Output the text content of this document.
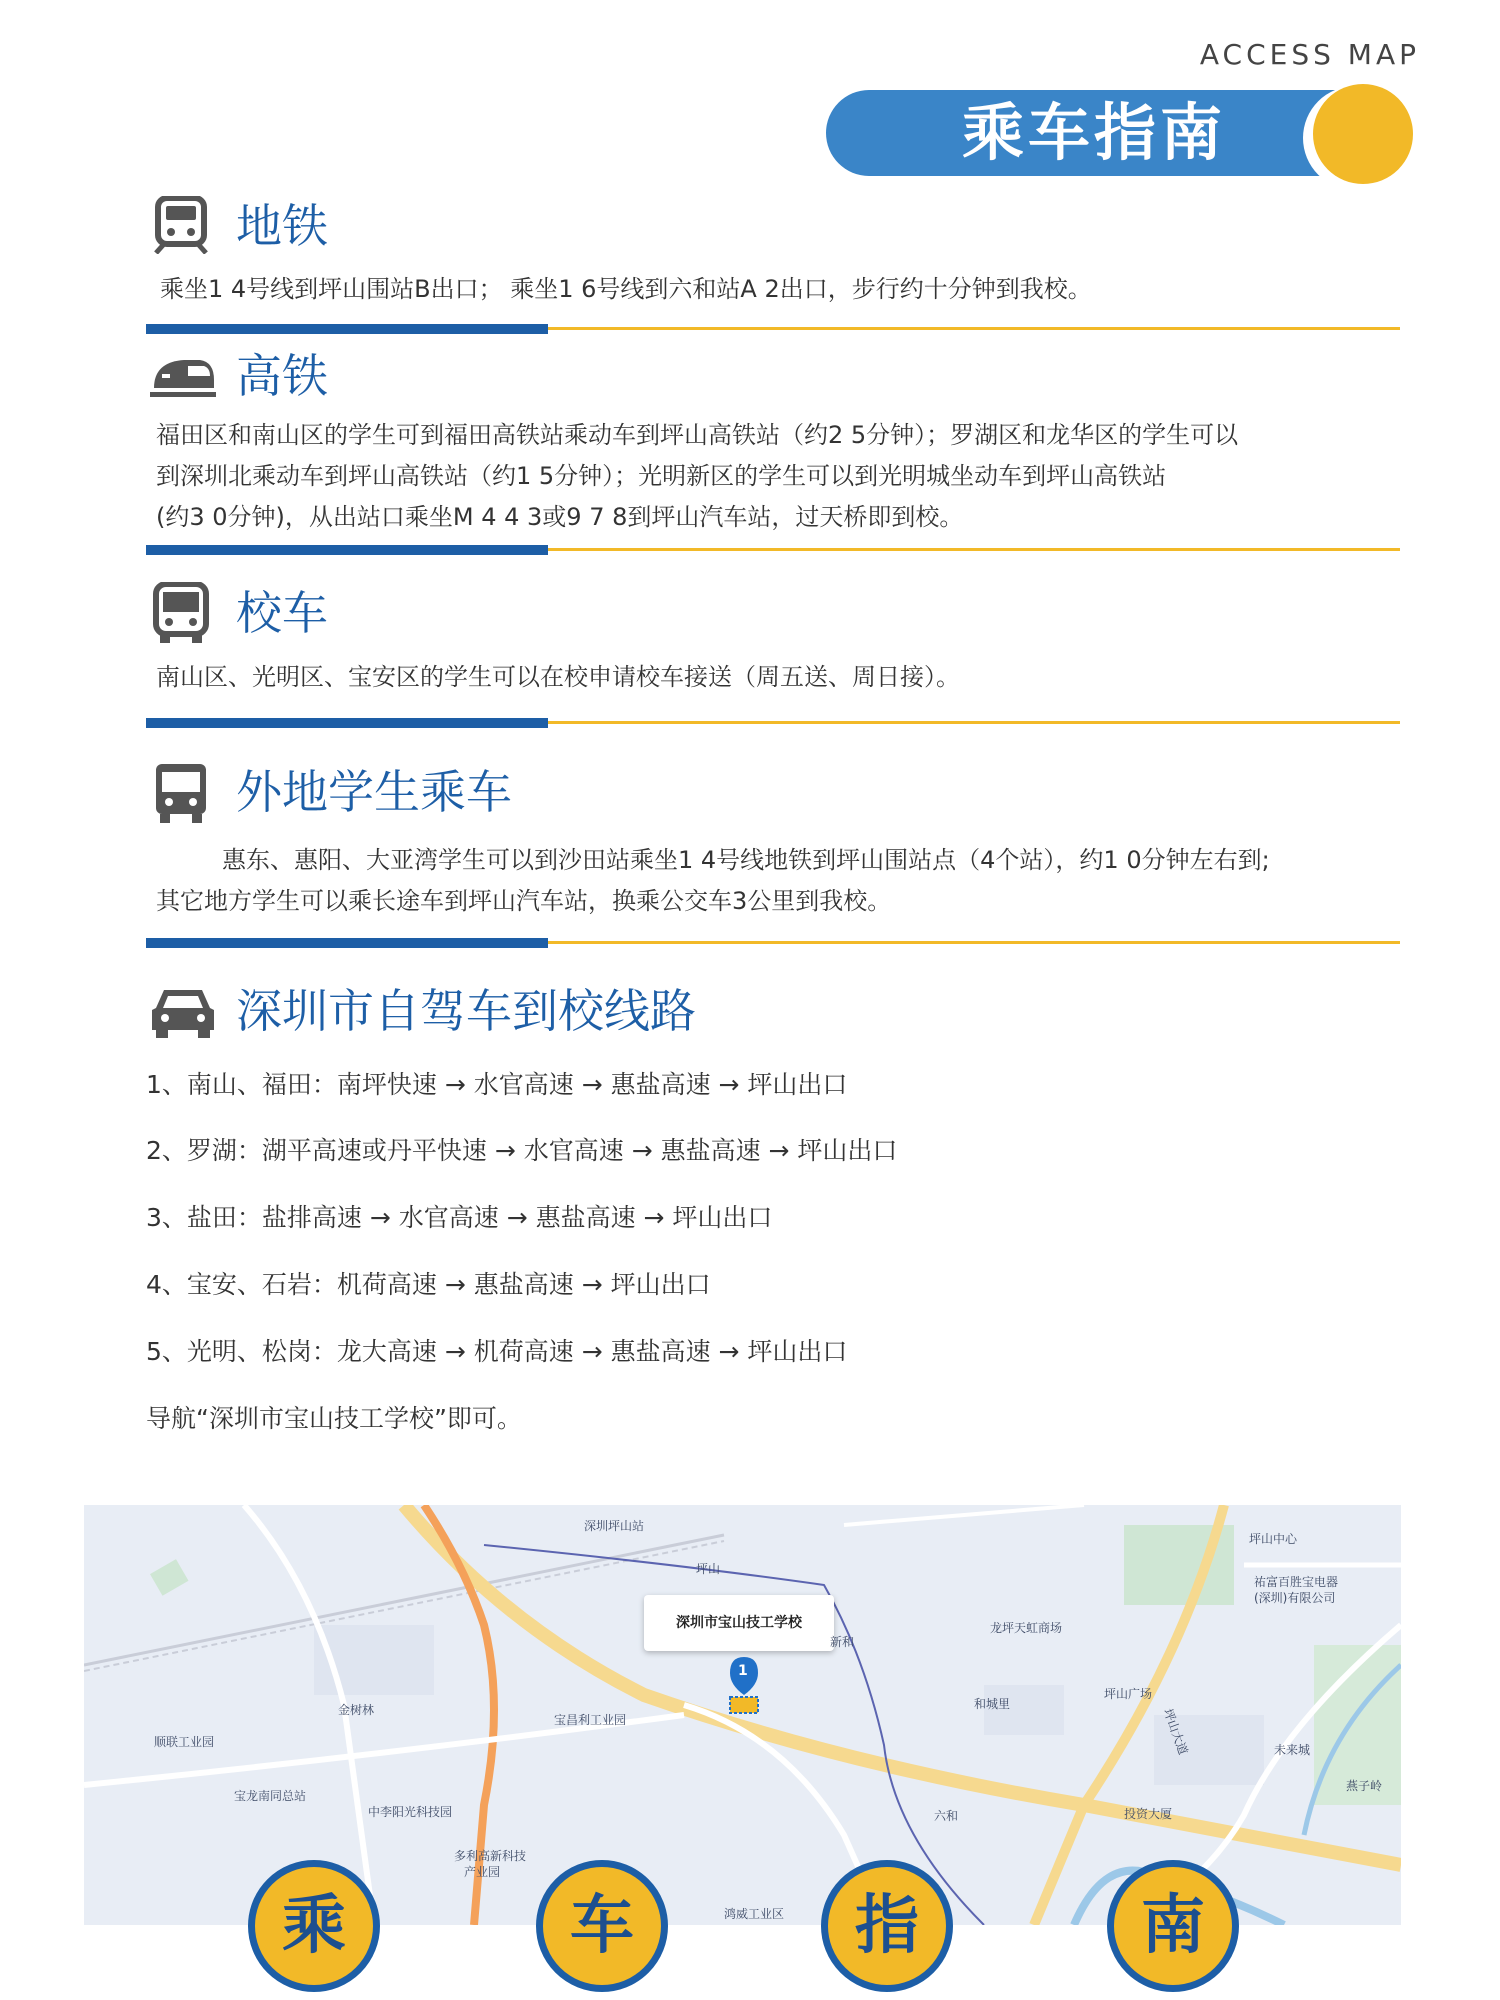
ACCESS MAP
乘车指南
地铁
乘坐1 4号线到坪山围站B出口； 乘坐1 6号线到六和站A 2出口，步行约十分钟到我校。
高铁
福田区和南山区的学生可到福田高铁站乘动车到坪山高铁站（约2 5分钟）；罗湖区和龙华区的学生可以
到深圳北乘动车到坪山高铁站（约1 5分钟）；光明新区的学生可以到光明城坐动车到坪山高铁站
(约3 0分钟)，从出站口乘坐M 4 4 3或9 7 8到坪山汽车站，过天桥即到校。
校车
南山区、光明区、宝安区的学生可以在校申请校车接送（周五送、周日接）。
外地学生乘车
惠东、惠阳、大亚湾学生可以到沙田站乘坐1 4号线地铁到坪山围站点（4个站），约1 0分钟左右到;
其它地方学生可以乘长途车到坪山汽车站，换乘公交车3公里到我校。
深圳市自驾车到校线路
1、南山、福田：南坪快速 → 水官高速 → 惠盐高速 → 坪山出口
2、罗湖：湖平高速或丹平快速 → 水官高速 → 惠盐高速 → 坪山出口
3、盐田：盐排高速 → 水官高速 → 惠盐高速 → 坪山出口
4、宝安、石岩：机荷高速 → 惠盐高速 → 坪山出口
5、光明、松岗：龙大高速 → 机荷高速 → 惠盐高速 → 坪山出口
导航“深圳市宝山技工学校”即可。
深圳市宝山技工学校
1
深圳坪山站
坪山
坪山中心
祐富百胜宝电器
(深圳)有限公司
龙坪天虹商场
新和
金树林
宝昌利工业园
顺联工业园
和城里
坪山广场
坪山大道	未来城
宝龙南同总站
中李阳光科技园	六和	投资大厦
多利高新科技
产业园
燕子岭
鸿威工业区
乘	车	指	南
